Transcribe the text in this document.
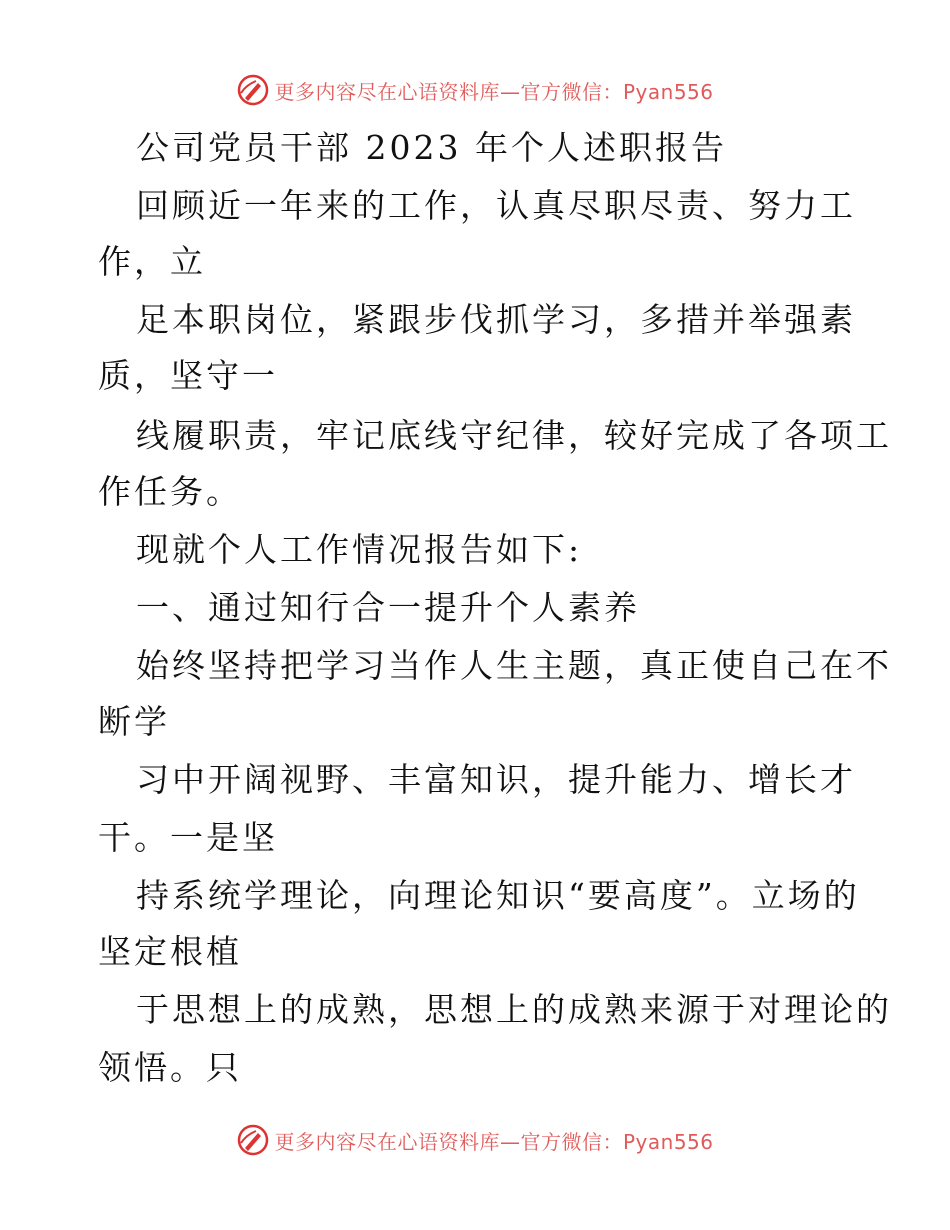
更多内容尽在心语资料库—官方微信：Pyan556
公司党员干部 2023 年个人述职报告
回顾近一年来的工作，认真尽职尽责、努力工
作，立
足本职岗位，紧跟步伐抓学习，多措并举强素
质，坚守一
线履职责，牢记底线守纪律，较好完成了各项工
作任务。
现就个人工作情况报告如下:
一、通过知行合一提升个人素养
始终坚持把学习当作人生主题，真正使自己在不
断学
习中开阔视野、丰富知识，提升能力、增长才
干。一是坚
持系统学理论，向理论知识“要高度”。立场的
坚定根植
于思想上的成熟，思想上的成熟来源于对理论的
领悟。只
更多内容尽在心语资料库—官方微信：Pyan556
